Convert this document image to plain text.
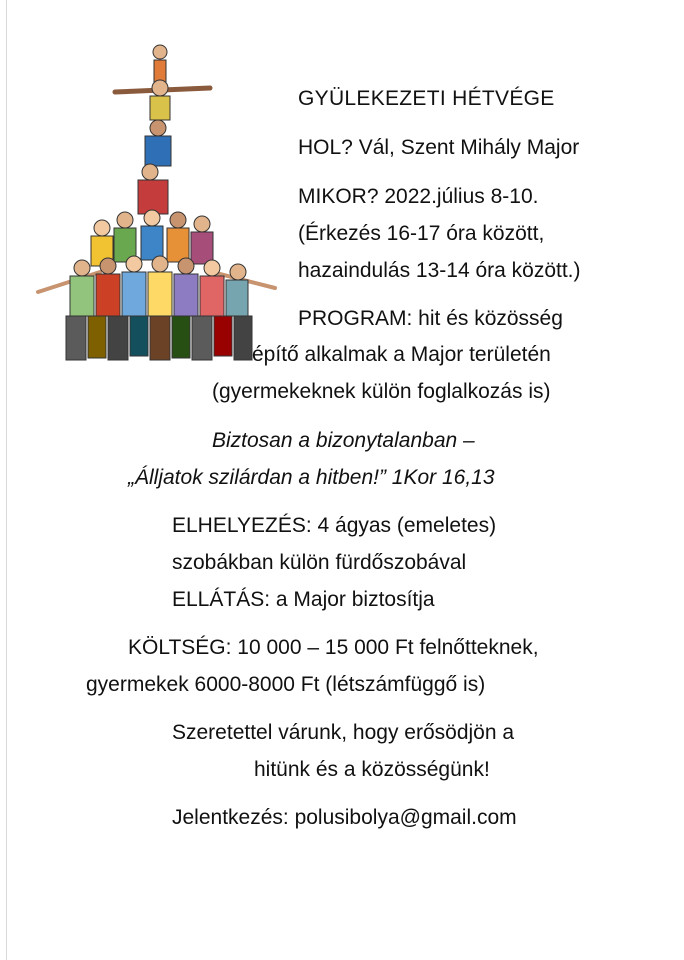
GYÜLEKEZETI HÉTVÉGE
HOL? Vál, Szent Mihály Major
MIKOR? 2022.július 8-10.
(Érkezés 16-17 óra között,
hazaindulás 13-14 óra között.)
PROGRAM: hit és közösség
építő alkalmak a Major területén
(gyermekeknek külön foglalkozás is)
Biztosan a bizonytalanban –
„Álljatok szilárdan a hitben!” 1Kor 16,13
ELHELYEZÉS: 4 ágyas (emeletes)
szobákban külön fürdőszobával
ELLÁTÁS: a Major biztosítja
KÖLTSÉG: 10 000 – 15 000 Ft felnőtteknek,
gyermekek 6000-8000 Ft (létszámfüggő is)
Szeretettel várunk, hogy erősödjön a
hitünk és a közösségünk!
Jelentkezés: polusibolya@gmail.com
